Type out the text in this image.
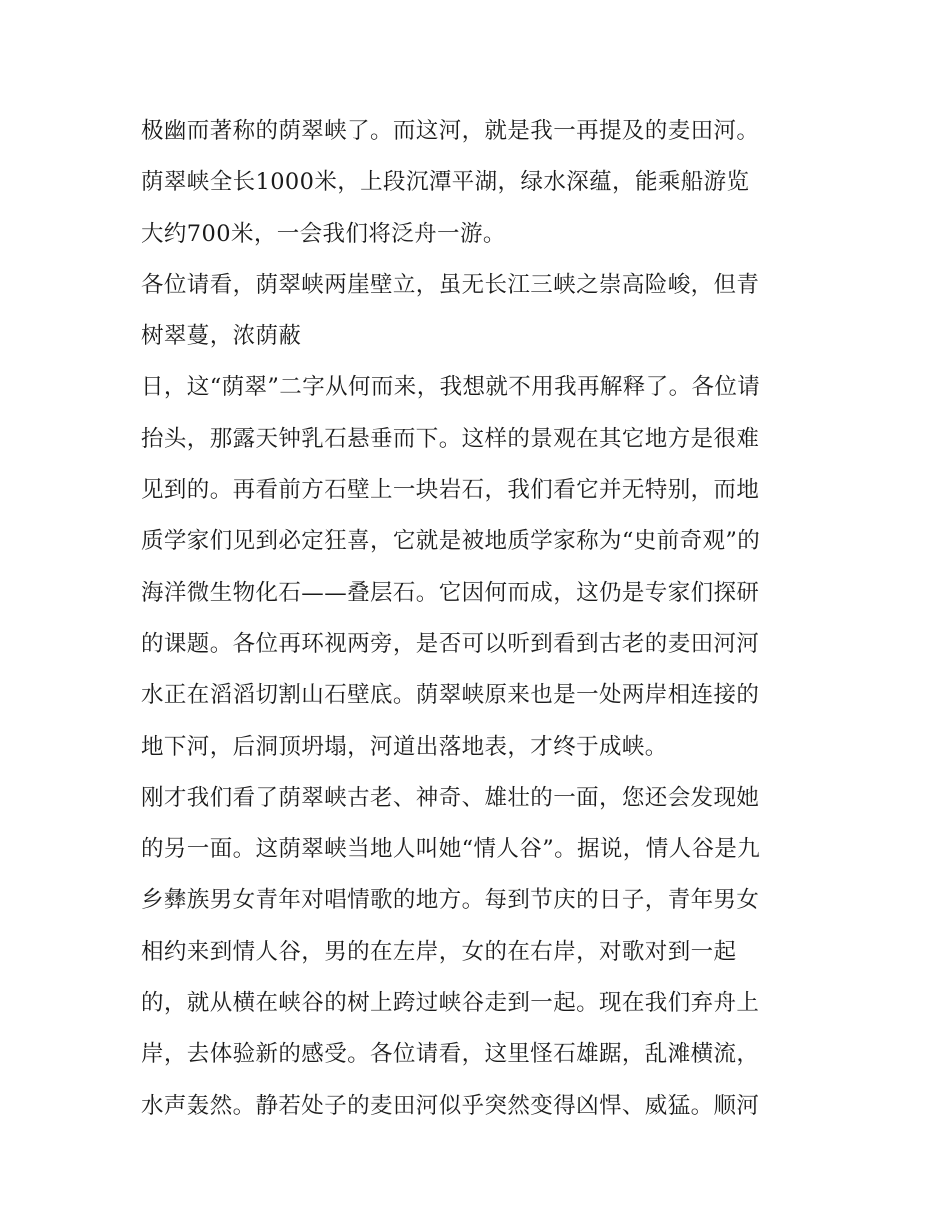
极幽而著称的荫翠峡了。而这河，就是我一再提及的麦田河。
荫翠峡全长1000米，上段沉潭平湖，绿水深蕴，能乘船游览
大约700米，一会我们将泛舟一游。
各位请看，荫翠峡两崖壁立，虽无长江三峡之崇高险峻，但青
树翠蔓，浓荫蔽
日，这“荫翠”二字从何而来，我想就不用我再解释了。各位请
抬头，那露天钟乳石悬垂而下。这样的景观在其它地方是很难
见到的。再看前方石壁上一块岩石，我们看它并无特别，而地
质学家们见到必定狂喜，它就是被地质学家称为“史前奇观”的
海洋微生物化石——叠层石。它因何而成，这仍是专家们探研
的课题。各位再环视两旁，是否可以听到看到古老的麦田河河
水正在滔滔切割山石壁底。荫翠峡原来也是一处两岸相连接的
地下河，后洞顶坍塌，河道出落地表，才终于成峡。
刚才我们看了荫翠峡古老、神奇、雄壮的一面，您还会发现她
的另一面。这荫翠峡当地人叫她“情人谷”。据说，情人谷是九
乡彝族男女青年对唱情歌的地方。每到节庆的日子，青年男女
相约来到情人谷，男的在左岸，女的在右岸，对歌对到一起
的，就从横在峡谷的树上跨过峡谷走到一起。现在我们弃舟上
岸，去体验新的感受。各位请看，这里怪石雄踞，乱滩横流，
水声轰然。静若处子的麦田河似乎突然变得凶悍、威猛。顺河
